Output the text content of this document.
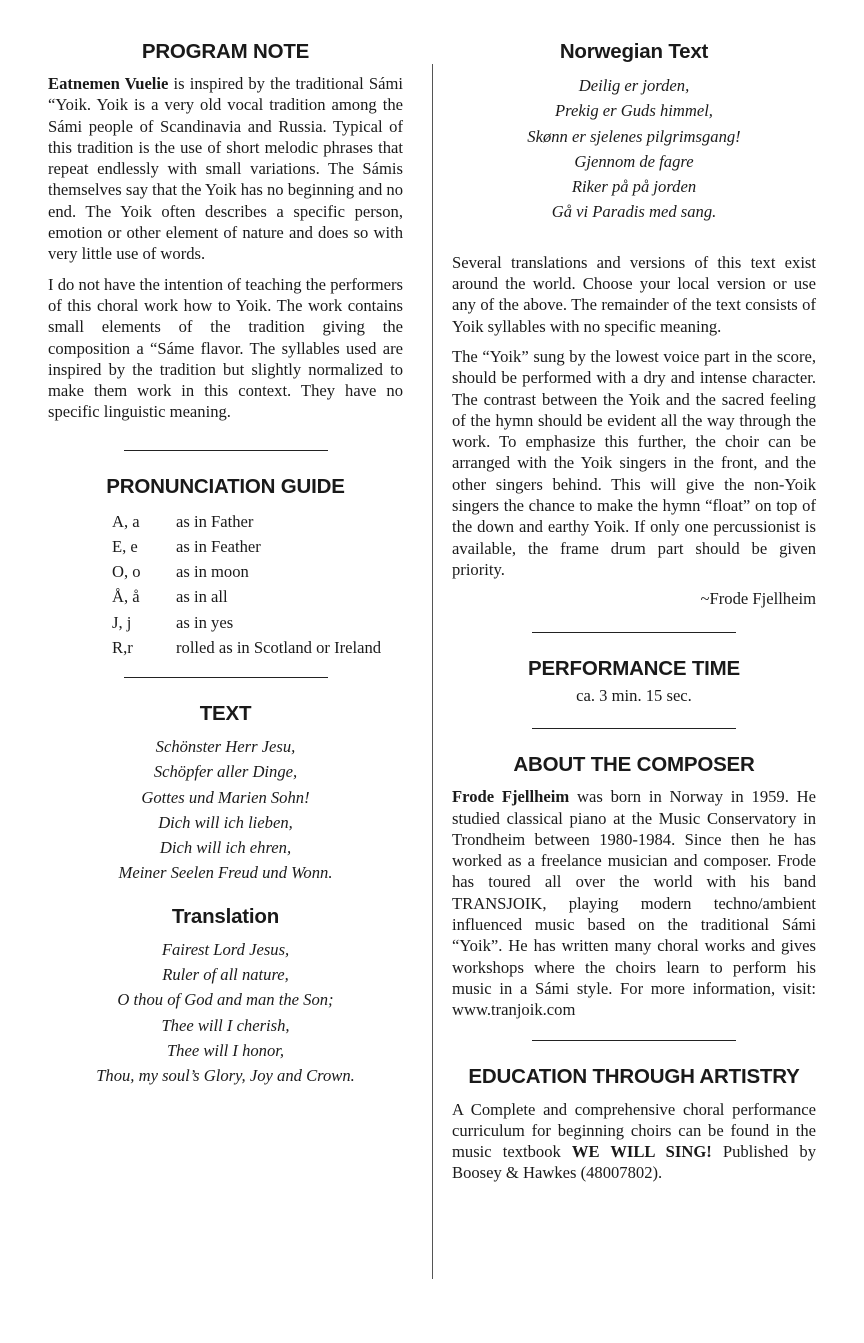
PROGRAM NOTE

Eatnemen Vuelie is inspired by the traditional Sámi “Yoik. Yoik is a very old vocal tradition among the Sámi people of Scandinavia and Russia. Typical of this tradition is the use of short melodic phrases that repeat endlessly with small variations. The Sámis themselves say that the Yoik has no beginning and no end. The Yoik often describes a specific person, emotion or other element of nature and does so with very little use of words.

I do not have the intention of teaching the performers of this choral work how to Yoik. The work contains small elements of the tradition giving the composition a “Sáme flavor. The syllables used are inspired by the tradition but slightly normalized to make them work in this context. They have no specific linguistic meaning.

PRONUNCIATION GUIDE
A, a	as in Father
E, e	as in Feather
O, o	as in moon
Å, å	as in all
J, j	as in yes
R,r	rolled as in Scotland or Ireland
TEXT
Schönster Herr Jesu,
Schöpfer aller Dinge,
Gottes und Marien Sohn!
Dich will ich lieben,
Dich will ich ehren,
Meiner Seelen Freud und Wonn.
Translation
Fairest Lord Jesus,
Ruler of all nature,
O thou of God and man the Son;
Thee will I cherish,
Thee will I honor,
Thou, my soul’s Glory, Joy and Crown.
Norwegian Text
Deilig er jorden,
Prekig er Guds himmel,
Skønn er sjelenes pilgrimsgang!
Gjennom de fagre
Riker på på jorden
Gå vi Paradis med sang.

Several translations and versions of this text exist around the world. Choose your local version or use any of the above. The remainder of the text consists of Yoik syllables with no specific meaning.

The “Yoik” sung by the lowest voice part in the score, should be performed with a dry and intense character. The contrast between the Yoik and the sacred feeling of the hymn should be evident all the way through the work. To emphasize this further, the choir can be arranged with the Yoik singers in the front, and the other singers behind. This will give the non-Yoik singers the chance to make the hymn “float” on top of the down and earthy Yoik. If only one percussionist is available, the frame drum part should be given priority.

~Frode Fjellheim
PERFORMANCE TIME
ca. 3 min. 15 sec.
ABOUT THE COMPOSER

Frode Fjellheim was born in Norway in 1959. He studied classical piano at the Music Conservatory in Trondheim between 1980-1984. Since then he has worked as a freelance musician and composer. Frode has toured all over the world with his band TRANSJOIK, playing modern techno/ambient influenced music based on the traditional Sámi “Yoik”. He has written many choral works and gives workshops where the choirs learn to perform his music in a Sámi style. For more information, visit: www.tranjoik.com

EDUCATION THROUGH ARTISTRY

A Complete and comprehensive choral performance curriculum for beginning choirs can be found in the music textbook WE WILL SING! Published by Boosey & Hawkes (48007802).
